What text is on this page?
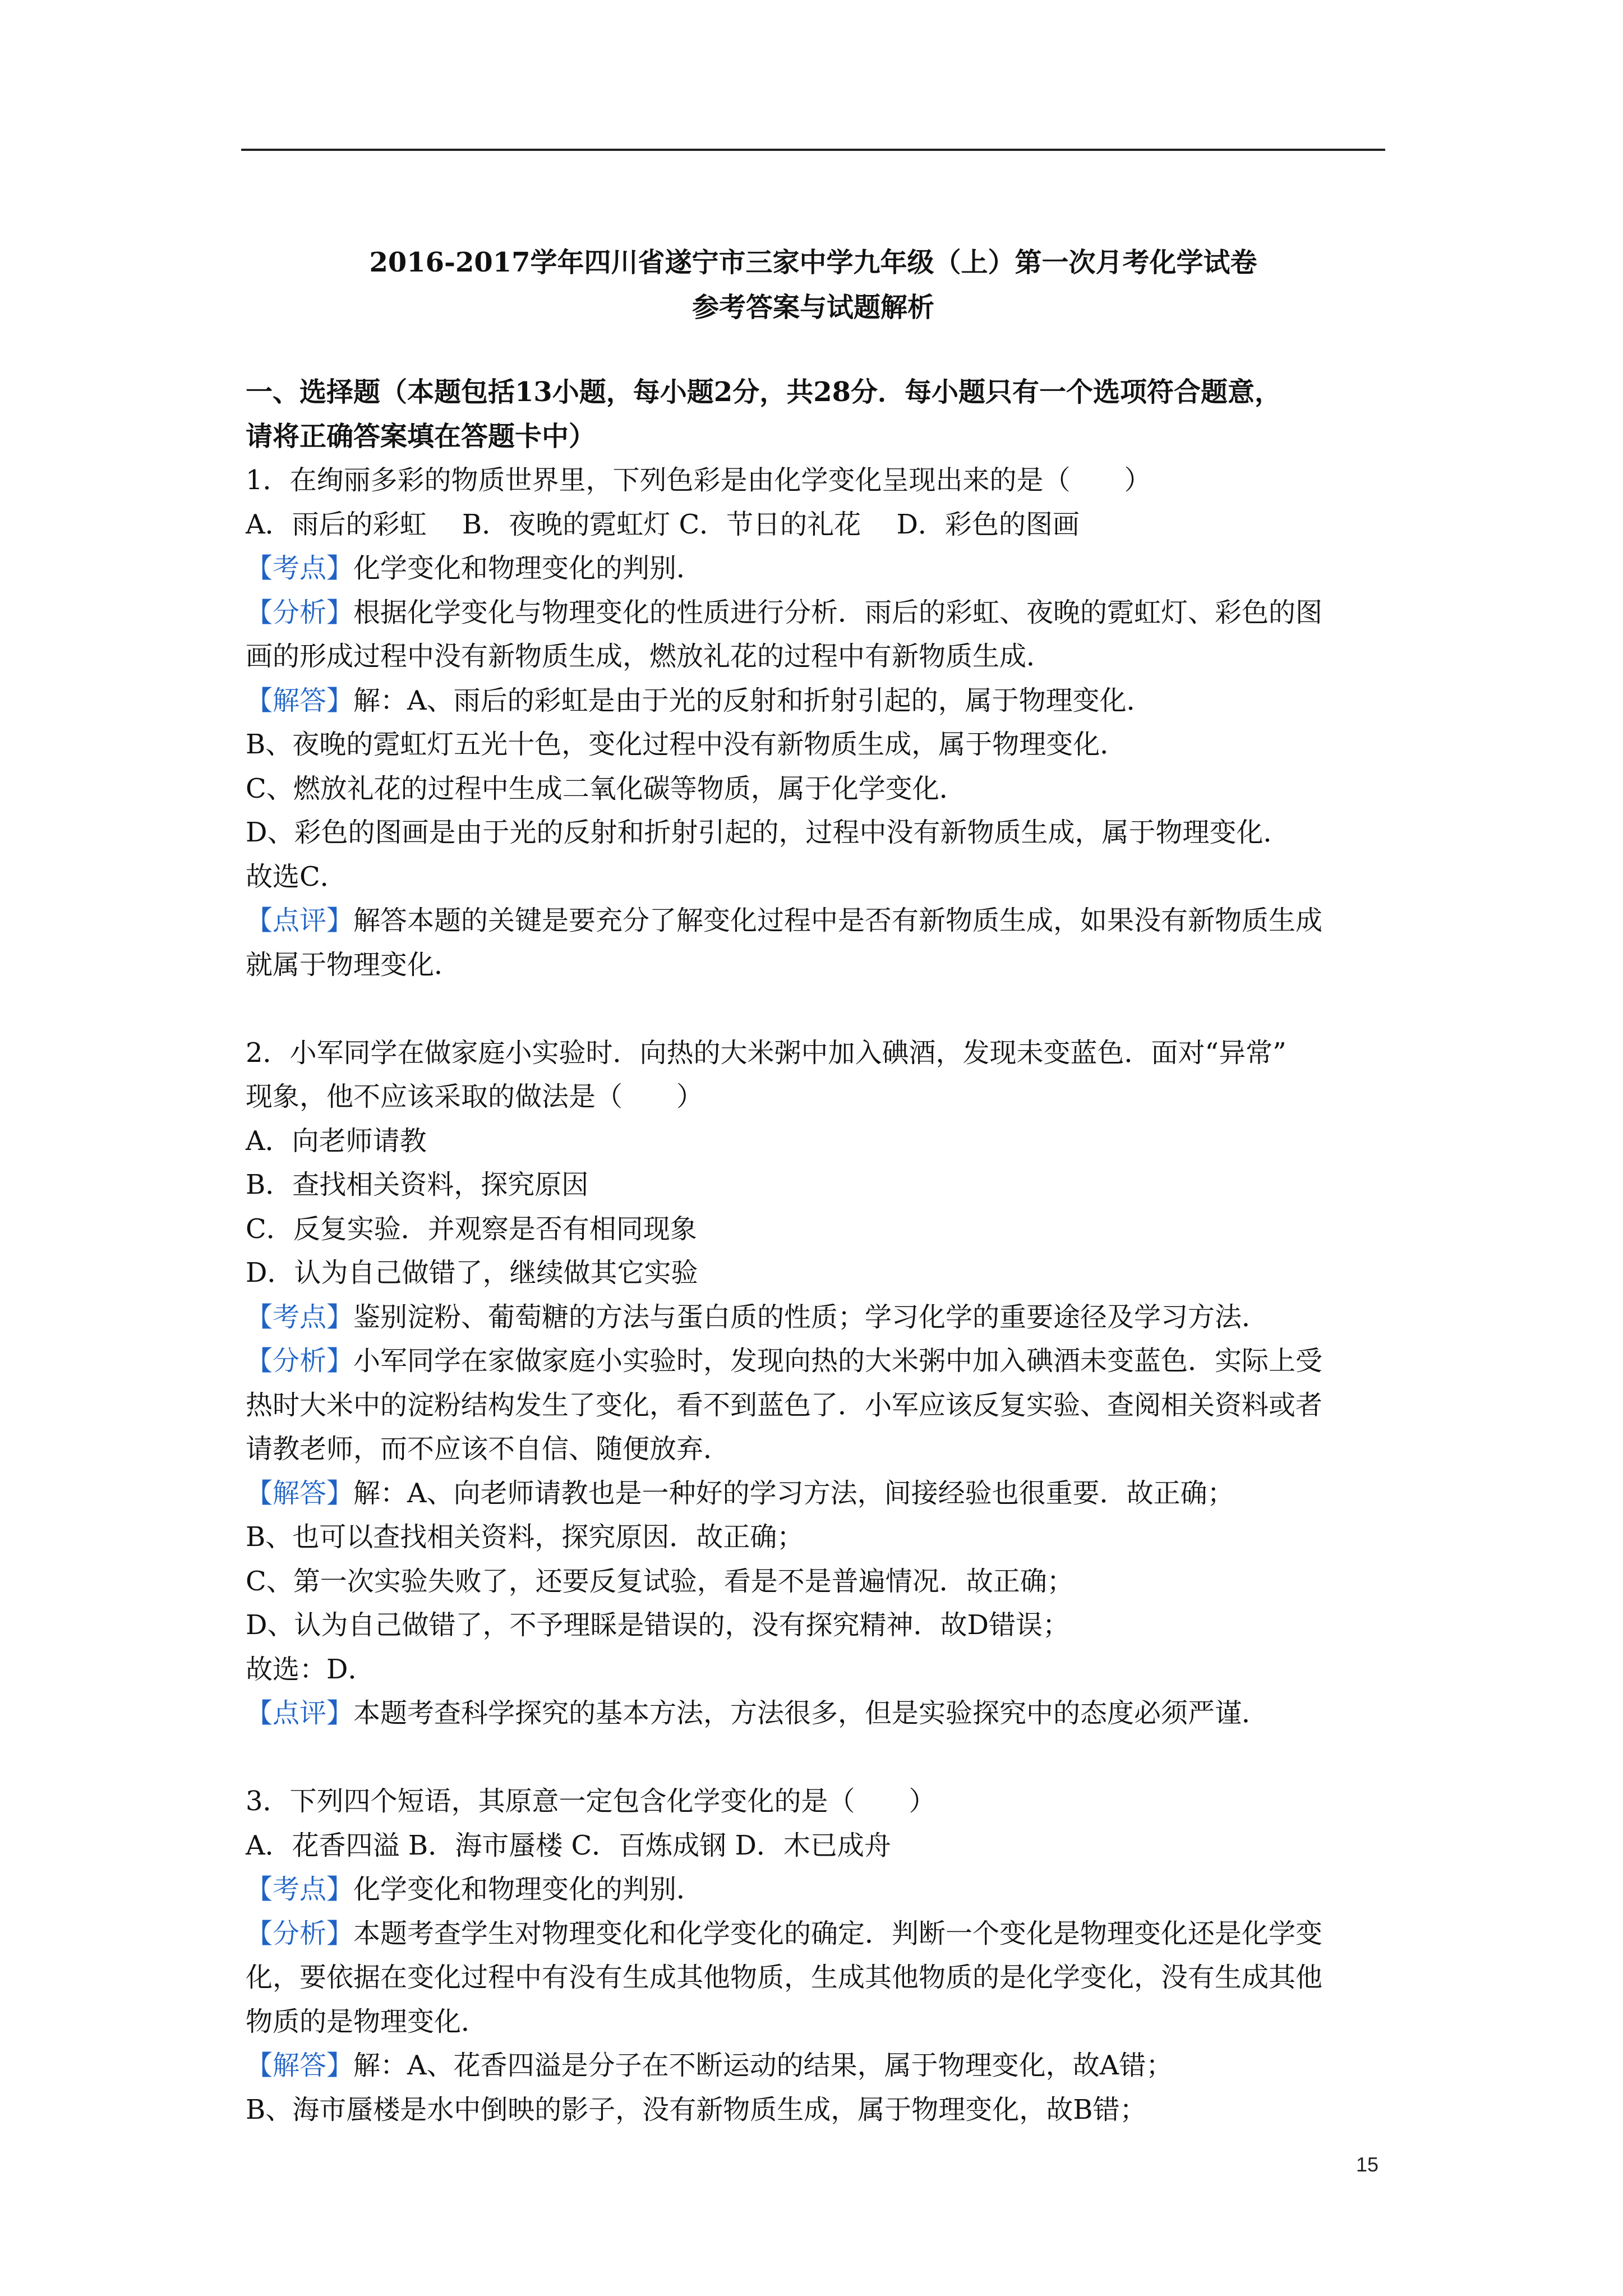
2016-2017学年四川省遂宁市三家中学九年级（上）第一次月考化学试卷
参考答案与试题解析
一、选择题（本题包括13小题，每小题2分，共28分．每小题只有一个选项符合题意，
请将正确答案填在答题卡中）
1．在绚丽多彩的物质世界里，下列色彩是由化学变化呈现出来的是（　　）
A．雨后的彩虹　 B．夜晚的霓虹灯 C．节日的礼花　 D．彩色的图画
【考点】化学变化和物理变化的判别．
【分析】根据化学变化与物理变化的性质进行分析．雨后的彩虹、夜晚的霓虹灯、彩色的图
画的形成过程中没有新物质生成，燃放礼花的过程中有新物质生成．
【解答】解：A、雨后的彩虹是由于光的反射和折射引起的，属于物理变化．
B、夜晚的霓虹灯五光十色，变化过程中没有新物质生成，属于物理变化．
C、燃放礼花的过程中生成二氧化碳等物质，属于化学变化．
D、彩色的图画是由于光的反射和折射引起的，过程中没有新物质生成，属于物理变化．
故选C．
【点评】解答本题的关键是要充分了解变化过程中是否有新物质生成，如果没有新物质生成
就属于物理变化．
2．小军同学在做家庭小实验时．向热的大米粥中加入碘酒，发现未变蓝色．面对“异常”
现象，他不应该采取的做法是（　　）
A．向老师请教
B．查找相关资料，探究原因
C．反复实验．并观察是否有相同现象
D．认为自己做错了，继续做其它实验
【考点】鉴别淀粉、葡萄糖的方法与蛋白质的性质；学习化学的重要途径及学习方法．
【分析】小军同学在家做家庭小实验时，发现向热的大米粥中加入碘酒未变蓝色．实际上受
热时大米中的淀粉结构发生了变化，看不到蓝色了．小军应该反复实验、查阅相关资料或者
请教老师，而不应该不自信、随便放弃．
【解答】解：A、向老师请教也是一种好的学习方法，间接经验也很重要．故正确；
B、也可以查找相关资料，探究原因．故正确；
C、第一次实验失败了，还要反复试验，看是不是普遍情况．故正确；
D、认为自己做错了，不予理睬是错误的，没有探究精神．故D错误；
故选：D．
【点评】本题考查科学探究的基本方法，方法很多，但是实验探究中的态度必须严谨．
3．下列四个短语，其原意一定包含化学变化的是（　　）
A．花香四溢 B．海市蜃楼 C．百炼成钢 D．木已成舟
【考点】化学变化和物理变化的判别．
【分析】本题考查学生对物理变化和化学变化的确定．判断一个变化是物理变化还是化学变
化，要依据在变化过程中有没有生成其他物质，生成其他物质的是化学变化，没有生成其他
物质的是物理变化．
【解答】解：A、花香四溢是分子在不断运动的结果，属于物理变化，故A错；
B、海市蜃楼是水中倒映的影子，没有新物质生成，属于物理变化，故B错；
15
